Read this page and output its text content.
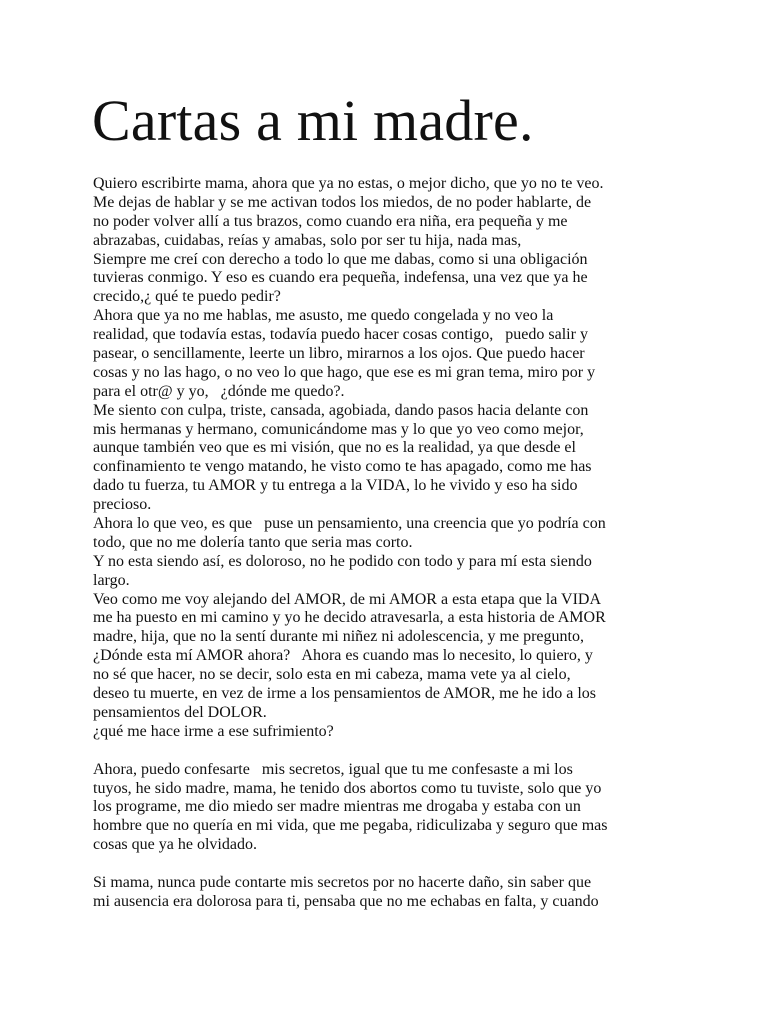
Cartas a mi madre.
Quiero escribirte mama, ahora que ya no estas, o mejor dicho, que yo no te veo.
Me dejas de hablar y se me activan todos los miedos, de no poder hablarte, de
no poder volver allí a tus brazos, como cuando era niña, era pequeña y me
abrazabas, cuidabas, reías y amabas, solo por ser tu hija, nada mas,
Siempre me creí con derecho a todo lo que me dabas, como si una obligación
tuvieras conmigo. Y eso es cuando era pequeña, indefensa, una vez que ya he
crecido,¿ qué te puedo pedir?
Ahora que ya no me hablas, me asusto, me quedo congelada y no veo la
realidad, que todavía estas, todavía puedo hacer cosas contigo,   puedo salir y
pasear, o sencillamente, leerte un libro, mirarnos a los ojos. Que puedo hacer
cosas y no las hago, o no veo lo que hago, que ese es mi gran tema, miro por y
para el otr@ y yo,   ¿dónde me quedo?.
Me siento con culpa, triste, cansada, agobiada, dando pasos hacia delante con
mis hermanas y hermano, comunicándome mas y lo que yo veo como mejor,
aunque también veo que es mi visión, que no es la realidad, ya que desde el
confinamiento te vengo matando, he visto como te has apagado, como me has
dado tu fuerza, tu AMOR y tu entrega a la VIDA, lo he vivido y eso ha sido
precioso.
Ahora lo que veo, es que   puse un pensamiento, una creencia que yo podría con
todo, que no me dolería tanto que seria mas corto.
Y no esta siendo así, es doloroso, no he podido con todo y para mí esta siendo
largo.
Veo como me voy alejando del AMOR, de mi AMOR a esta etapa que la VIDA
me ha puesto en mi camino y yo he decido atravesarla, a esta historia de AMOR
madre, hija, que no la sentí durante mi niñez ni adolescencia, y me pregunto,
¿Dónde esta mí AMOR ahora?   Ahora es cuando mas lo necesito, lo quiero, y
no sé que hacer, no se decir, solo esta en mi cabeza, mama vete ya al cielo,
deseo tu muerte, en vez de irme a los pensamientos de AMOR, me he ido a los
pensamientos del DOLOR.
¿qué me hace irme a ese sufrimiento?
Ahora, puedo confesarte   mis secretos, igual que tu me confesaste a mi los
tuyos, he sido madre, mama, he tenido dos abortos como tu tuviste, solo que yo
los programe, me dio miedo ser madre mientras me drogaba y estaba con un
hombre que no quería en mi vida, que me pegaba, ridiculizaba y seguro que mas
cosas que ya he olvidado.
Si mama, nunca pude contarte mis secretos por no hacerte daño, sin saber que
mi ausencia era dolorosa para ti, pensaba que no me echabas en falta, y cuando
